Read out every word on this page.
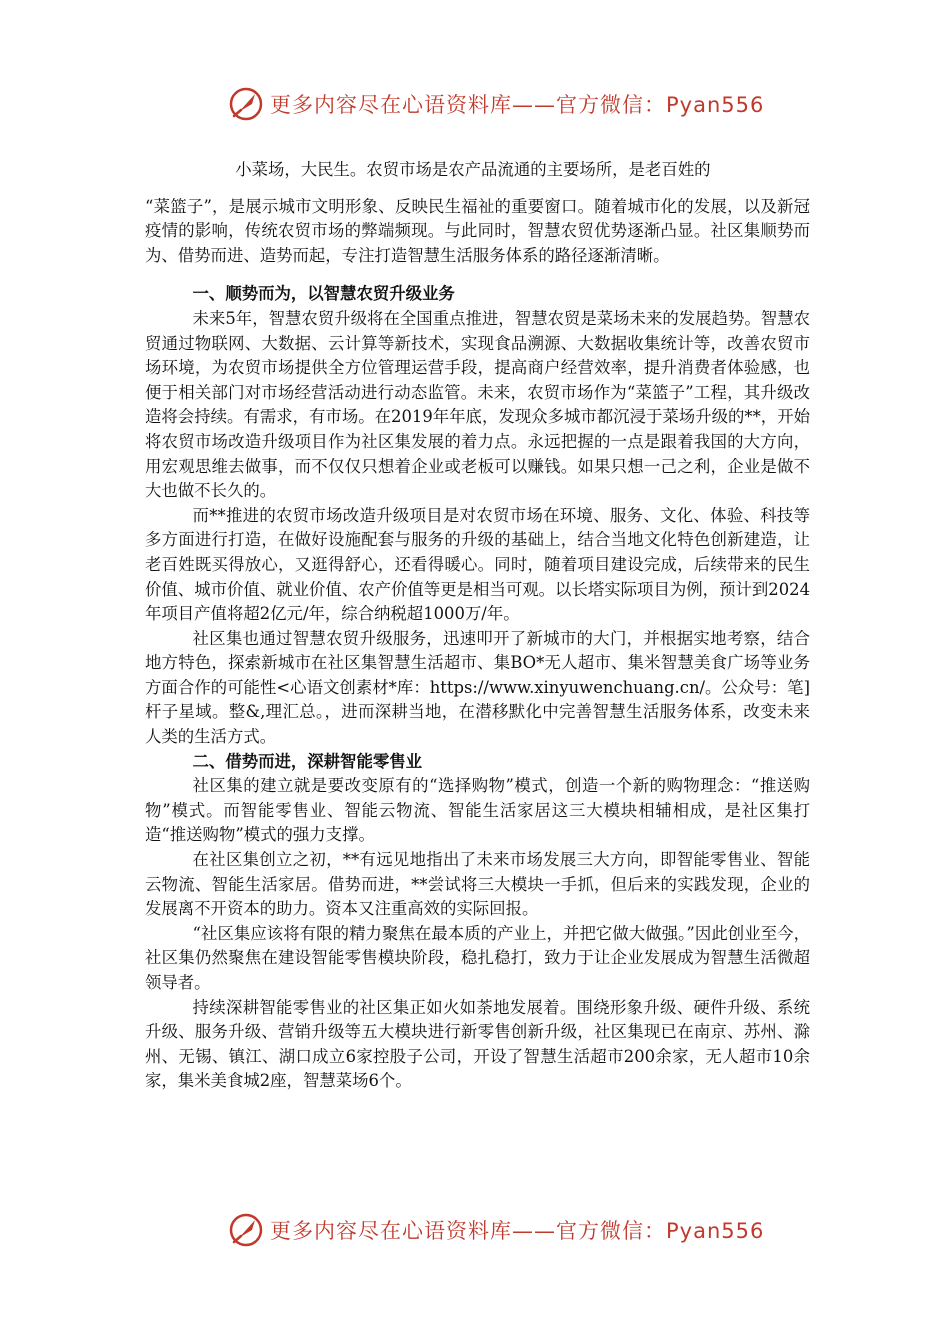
更多内容尽在心语资料库——官方微信：Pyan556

小菜场，大民生。农贸市场是农产品流通的主要场所，是老百姓的

“菜篮子”，是展示城市文明形象、反映民生福祉的重要窗口。随着城市化的发展，以及新冠疫情的影响，传统农贸市场的弊端频现。与此同时，智慧农贸优势逐渐凸显。社区集顺势而为、借势而进、造势而起，专注打造智慧生活服务体系的路径逐渐清晰。

一、顺势而为，以智慧农贸升级业务

未来5年，智慧农贸升级将在全国重点推进，智慧农贸是菜场未来的发展趋势。智慧农贸通过物联网、大数据、云计算等新技术，实现食品溯源、大数据收集统计等，改善农贸市场环境，为农贸市场提供全方位管理运营手段，提高商户经营效率，提升消费者体验感，也便于相关部门对市场经营活动进行动态监管。未来，农贸市场作为“菜篮子”工程，其升级改造将会持续。有需求，有市场。在2019年年底，发现众多城市都沉浸于菜场升级的**，开始将农贸市场改造升级项目作为社区集发展的着力点。永远把握的一点是跟着我国的大方向，用宏观思维去做事，而不仅仅只想着企业或老板可以赚钱。如果只想一己之利，企业是做不大也做不长久的。

而**推进的农贸市场改造升级项目是对农贸市场在环境、服务、文化、体验、科技等多方面进行打造，在做好设施配套与服务的升级的基础上，结合当地文化特色创新建造，让老百姓既买得放心，又逛得舒心，还看得暖心。同时，随着项目建设完成，后续带来的民生价值、城市价值、就业价值、农产价值等更是相当可观。以长塔实际项目为例，预计到2024年项目产值将超2亿元/年，综合纳税超1000万/年。

社区集也通过智慧农贸升级服务，迅速叩开了新城市的大门，并根据实地考察，结合地方特色，探索新城市在社区集智慧生活超市、集BO*无人超市、集米智慧美食广场等业务方面合作的可能性<心语文创素材*库：https://www.xinyuwenchuang.cn/。公众号：笔]杆子星域。整&,理汇总。，进而深耕当地，在潜移默化中完善智慧生活服务体系，改变未来人类的生活方式。

二、借势而进，深耕智能零售业

社区集的建立就是要改变原有的“选择购物”模式，创造一个新的购物理念：“推送购物”模式。而智能零售业、智能云物流、智能生活家居这三大模块相辅相成，是社区集打造“推送购物”模式的强力支撑。

在社区集创立之初，**有远见地指出了未来市场发展三大方向，即智能零售业、智能云物流、智能生活家居。借势而进，**尝试将三大模块一手抓，但后来的实践发现，企业的发展离不开资本的助力。资本又注重高效的实际回报。

“社区集应该将有限的精力聚焦在最本质的产业上，并把它做大做强。”因此创业至今，社区集仍然聚焦在建设智能零售模块阶段，稳扎稳打，致力于让企业发展成为智慧生活微超领导者。

持续深耕智能零售业的社区集正如火如荼地发展着。围绕形象升级、硬件升级、系统升级、服务升级、营销升级等五大模块进行新零售创新升级，社区集现已在南京、苏州、滁州、无锡、镇江、湖口成立6家控股子公司，开设了智慧生活超市200余家，无人超市10余家，集米美食城2座，智慧菜场6个。

更多内容尽在心语资料库——官方微信：Pyan556
